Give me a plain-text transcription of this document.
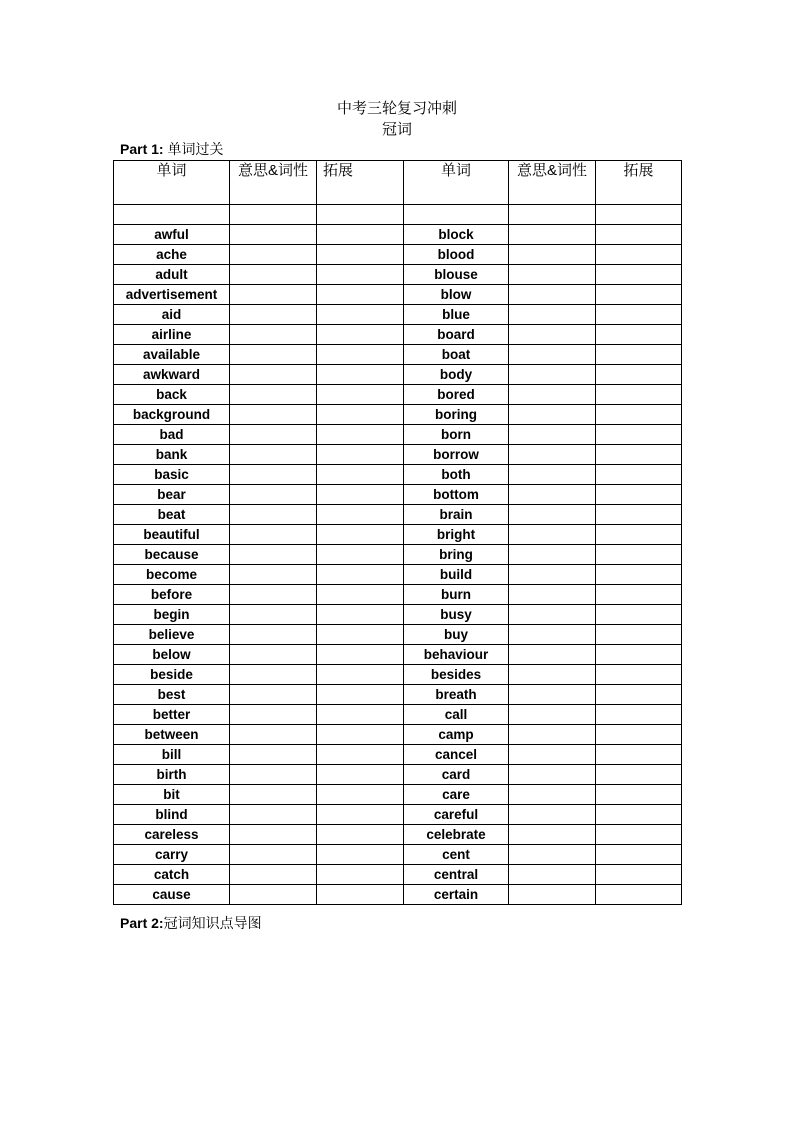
中考三轮复习冲刺
冠词
Part 1: 单词过关
单词	意思&词性	拓展	单词	意思&词性	拓展

awful			block		
ache			blood		
adult			blouse		
advertisement			blow		
aid			blue		
airline			board		
available			boat		
awkward			body		
back			bored		
background			boring		
bad			born		
bank			borrow		
basic			both		
bear			bottom		
beat			brain		
beautiful			bright		
because			bring		
become			build		
before			burn		
begin			busy		
believe			buy		
below			behaviour		
beside			besides		
best			breath		
better			call		
between			camp		
bill			cancel		
birth			card		
bit			care		
blind			careful		
careless			celebrate		
carry			cent		
catch			central		
cause			certain		
Part 2:冠词知识点导图
